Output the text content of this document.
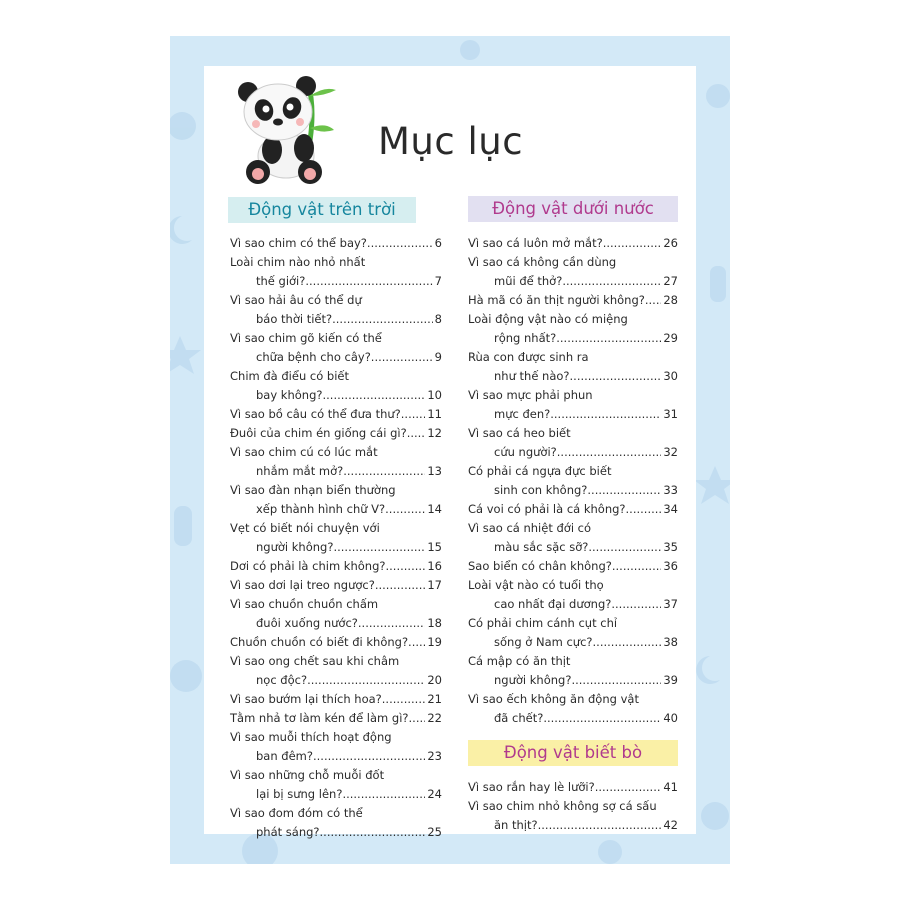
Mục lục
Động vật trên trời	Động vật dưới nước
Động vật biết bò
Vì sao chim có thể bay? .....	6
Loài chim nào nhỏ nhất
thế giới? .....	7
Vì sao hải âu có thể dự
báo thời tiết? .....	8
Vì sao chim gõ kiến có thể
chữa bệnh cho cây? .....	9
Chim đà điểu có biết
bay không? .....	10
Vì sao bồ câu có thể đưa thư? ..... 11
Đuôi của chim én giống cái gì? ..... 12
Vì sao chim cú có lúc mắt
nhắm mắt mở? .....	13
Vì sao đàn nhạn biển thường
xếp thành hình chữ V? .....	14
Vẹt có biết nói chuyện với
người không? .....	15
Dơi có phải là chim không? .....	16
Vì sao dơi lại treo ngược? .....	17
Vì sao chuồn chuồn chấm
đuôi xuống nước? .....	18
Chuồn chuồn có biết đi không? ..... 19
Vì sao ong chết sau khi châm
nọc độc? .....	20
Vì sao bướm lại thích hoa? .....	21
Tằm nhả tơ làm kén để làm gì? ..... 22
Vì sao muỗi thích hoạt động
ban đêm? .....	23
Vì sao những chỗ muỗi đốt
lại bị sưng lên? .....	24
Vì sao đom đóm có thể
phát sáng? .....	25
Vì sao cá luôn mở mắt? .....	26
Vì sao cá không cần dùng
mũi để thở? .....	27
Hà mã có ăn thịt người không? ..... 28
Loài động vật nào có miệng
rộng nhất? .....	29
Rùa con được sinh ra
như thế nào? .....	30
Vì sao mực phải phun
mực đen? .....	31
Vì sao cá heo biết
cứu người? .....	32
Có phải cá ngựa đực biết
sinh con không? .....	33
Cá voi có phải là cá không? .....	34
Vì sao cá nhiệt đới có
màu sắc sặc sỡ? .....	35
Sao biển có chân không? .....	36
Loài vật nào có tuổi thọ
cao nhất đại dương? .....	37
Có phải chim cánh cụt chỉ
sống ở Nam cực? .....	38
Cá mập có ăn thịt
người không? .....	39
Vì sao ếch không ăn động vật
đã chết? .....	40
Vì sao rắn hay lè lưỡi? .....	41
Vì sao chim nhỏ không sợ cá sấu
ăn thịt? .....	42
